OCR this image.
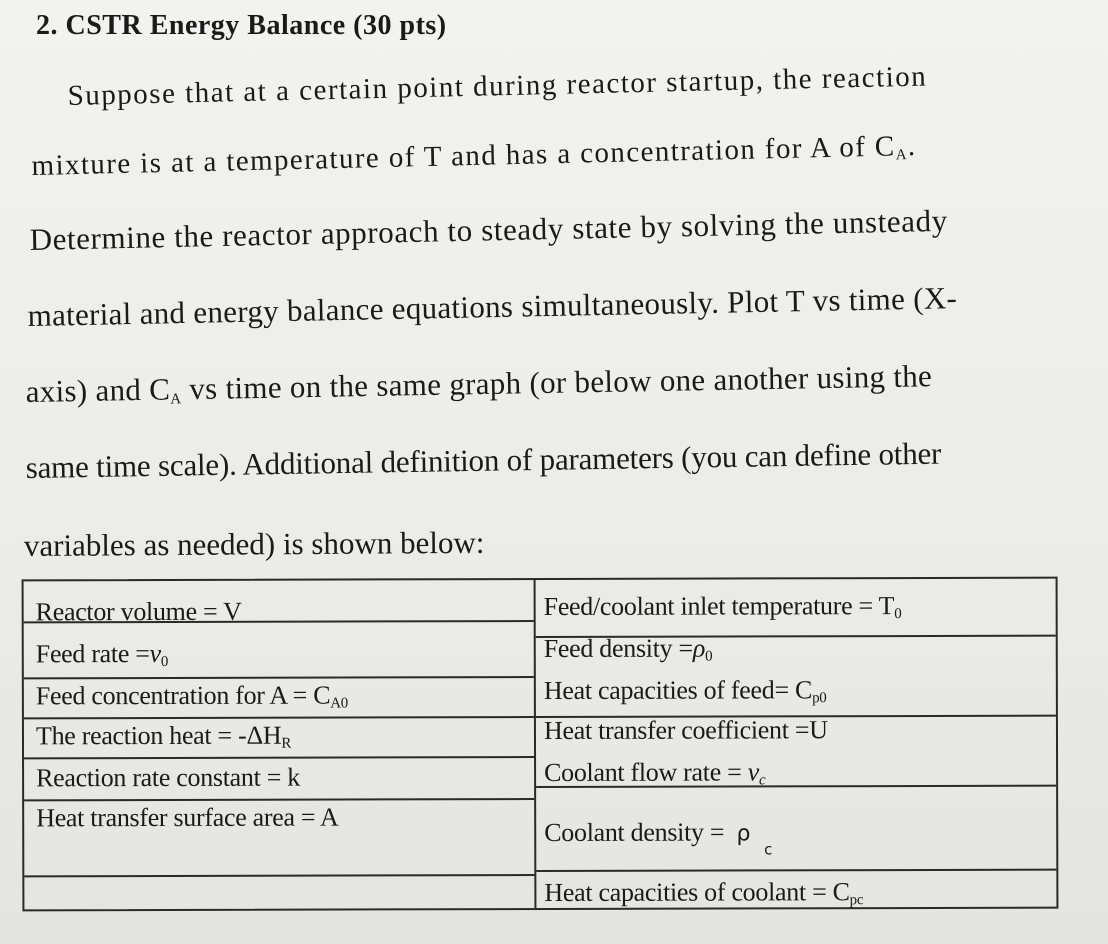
2. CSTR Energy Balance (30 pts)
Suppose that at a certain point during reactor startup, the reaction
mixture is at a temperature of T and has a concentration for A of $C_A$.
Determine the reactor approach to steady state by solving the unsteady
material and energy balance equations simultaneously. Plot T vs time (X-
axis) and $C_A$ vs time on the same graph (or below one another using the
same time scale). Additional definition of parameters (you can define other
variables as needed) is shown below:
Reactor volume = V
Feed rate $=v_0$
Feed concentration for $A = C_{A0}$
The reaction heat = $-\Delta H_R$
Reaction rate constant = k
Heat transfer surface area = A
Feed/coolant inlet temperature = $T_0$
Feed density $=\rho_0$
Heat capacities of feed= $C_{p0}$
Heat transfer coefficient =U
Coolant flow rate = $v_c$
Coolant density = $\rho_c$
Heat capacities of coolant = $C_{pc}$
